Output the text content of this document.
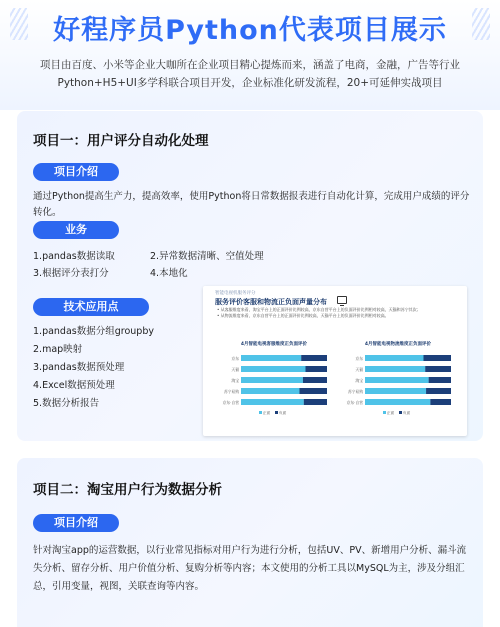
好程序员Python代表项目展示
项目由百度、小米等企业大咖所在企业项目精心提炼而来，涵盖了电商，金融，广告等行业
Python+H5+UI多学科联合项目开发，企业标准化研发流程，20+可延伸实战项目
项目一：用户评分自动化处理
项目介绍
通过Python提高生产力，提高效率，使用Python将日常数据报表进行自动化计算，完成用户成绩的评分转化。
业务
1.pandas数据读取	2.异常数据清晰、空值处理
3.根据评分表打分	4.本地化
技术应用点
1.pandas数据分组groupby
2.map映射
3.pandas数据预处理
4.Excel数据预处理
5.数据分析报告
智能电视机服务评分
服务评价客服和物流正负面声量分布
• 从客服维度来看，淘宝平台上的正面评价比例较高，京东自营平台上的负面评价比例相对较高，天猫和苏宁其次；
• 从物流维度来看，京东自营平台上的正面评价比例较高，天猫平台上的负面评价比例相对较高。
4月智能电视客服维度正负面评价
京东
天猫
淘宝
苏宁易购
京东·自营
正面 负面
4月智能电视物流维度正负面评价
京东
天猫
淘宝
苏宁易购
京东·自营
正面 负面
项目二：淘宝用户行为数据分析
项目介绍
针对淘宝app的运营数据，以行业常见指标对用户行为进行分析，包括UV、PV、新增用户分析、漏斗流失分析、留存分析、用户价值分析、复购分析等内容；本文使用的分析工具以MySQL为主，涉及分组汇总，引用变量，视图，关联查询等内容。
